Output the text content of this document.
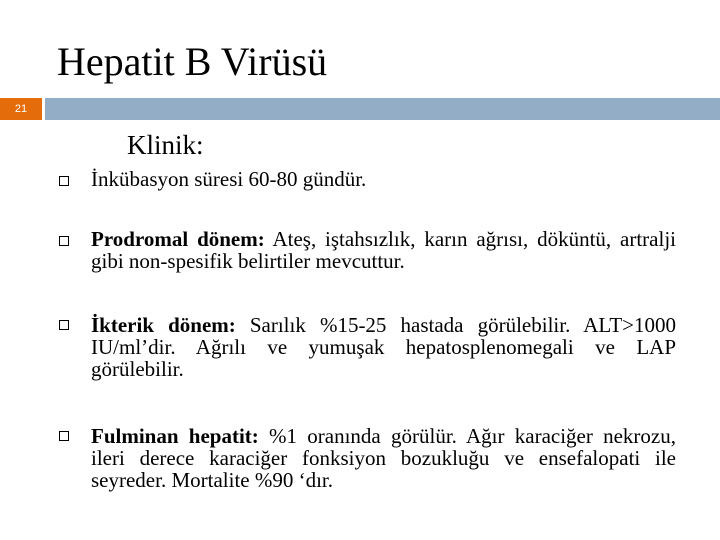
Hepatit B Virüsü
21
Klinik:
İnkübasyon süresi 60-80 gündür.
Prodromal dönem: Ateş, iştahsızlık, karın ağrısı, döküntü, artralji gibi non-spesifik belirtiler mevcuttur.
İkterik dönem: Sarılık %15-25 hastada görülebilir. ALT>1000 IU/ml’dir. Ağrılı ve yumuşak hepatosplenomegali ve LAP görülebilir.
Fulminan hepatit: %1 oranında görülür. Ağır karaciğer nekrozu, ileri derece karaciğer fonksiyon bozukluğu ve ensefalopati ile seyreder. Mortalite %90 ‘dır.
